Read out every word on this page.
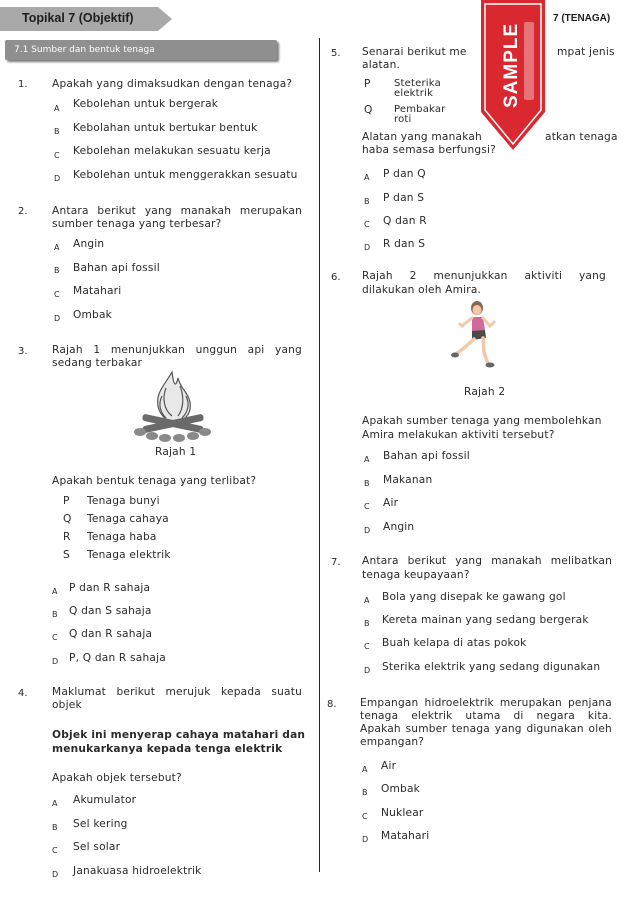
Topikal 7 (Objektif)	7 (TENAGA)
7.1 Sumber dan bentuk tenaga
1. Apakah yang dimaksudkan dengan tenaga?
A Kebolehan untuk bergerak
B Kebolahan untuk bertukar bentuk
C Kebolehan melakukan sesuatu kerja
D Kebolehan untuk menggerakkan sesuatu
2. Antara berikut yang manakah merupakan
sumber tenaga yang terbesar?
A Angin
B Bahan api fossil
C Matahari
D Ombak
3. Rajah 1 menunjukkan unggun api yang
sedang terbakar
Rajah 1
Apakah bentuk tenaga yang terlibat?
P Tenaga bunyi
Q Tenaga cahaya
R Tenaga haba
S Tenaga elektrik
A P dan R sahaja
B Q dan S sahaja
C Q dan R sahaja
D P, Q dan R sahaja
4. Maklumat berikut merujuk kepada suatu
objek
Objek ini menyerap cahaya matahari dan
menukarkanya kepada tenga elektrik
Apakah objek tersebut?
A Akumulator
B Sel kering
C Sel solar
D Janakuasa hidroelektrik
5. Senarai berikut me	mpat jenis
alatan.
P Steterika
elektrik
Q Pembakar
roti
Alatan yang manakah	atkan tenaga
haba semasa berfungsi?
A P dan Q
B P dan S
C Q dan R
D R dan S
6. Rajah 2 menunjukkan aktiviti yang
dilakukan oleh Amira.
Rajah 2
Apakah sumber tenaga yang membolehkan
Amira melakukan aktiviti tersebut?
A Bahan api fossil
B Makanan
C Air
D Angin
7. Antara berikut yang manakah melibatkan
tenaga keupayaan?
A Bola yang disepak ke gawang gol
B Kereta mainan yang sedang bergerak
C Buah kelapa di atas pokok
D Sterika elektrik yang sedang digunakan
8. Empangan hidroelektrik merupakan penjana
tenaga elektrik utama di negara kita.
Apakah sumber tenaga yang digunakan oleh
empangan?
A Air
B Ombak
C Nuklear
D Matahari
SAMPLE
